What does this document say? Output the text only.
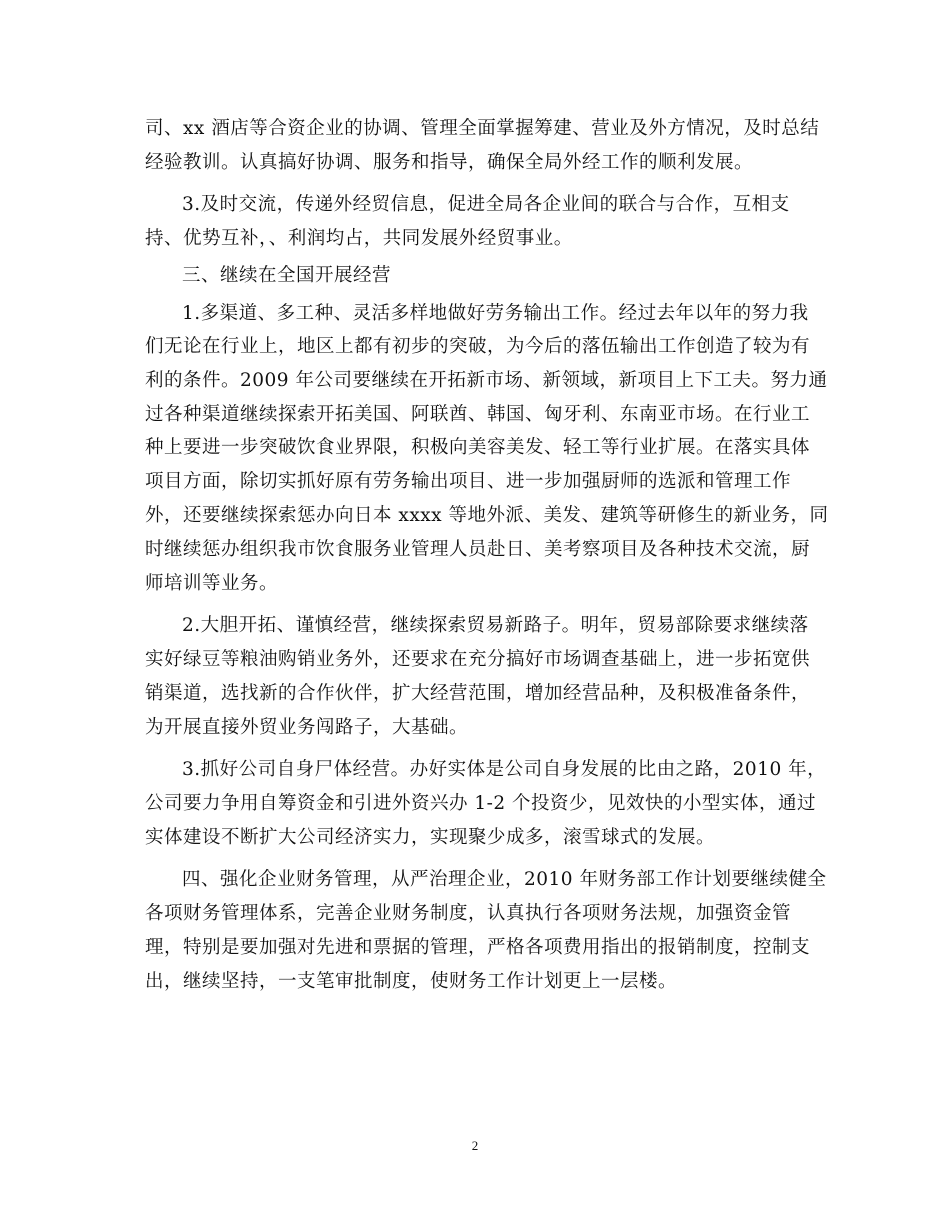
司、xx 酒店等合资企业的协调、管理全面掌握筹建、营业及外方情况，及时总结
经验教训。认真搞好协调、服务和指导，确保全局外经工作的顺利发展。
3.及时交流，传递外经贸信息，促进全局各企业间的联合与合作，互相支
持、优势互补，、利润均占，共同发展外经贸事业。
三、继续在全国开展经营
1.多渠道、多工种、灵活多样地做好劳务输出工作。经过去年以年的努力我
们无论在行业上，地区上都有初步的突破，为今后的落伍输出工作创造了较为有
利的条件。2009 年公司要继续在开拓新市场、新领域，新项目上下工夫。努力通
过各种渠道继续探索开拓美国、阿联酋、韩国、匈牙利、东南亚市场。在行业工
种上要进一步突破饮食业界限，积极向美容美发、轻工等行业扩展。在落实具体
项目方面，除切实抓好原有劳务输出项目、进一步加强厨师的选派和管理工作
外，还要继续探索惩办向日本 xxxx 等地外派、美发、建筑等研修生的新业务，同
时继续惩办组织我市饮食服务业管理人员赴日、美考察项目及各种技术交流，厨
师培训等业务。
2.大胆开拓、谨慎经营，继续探索贸易新路子。明年，贸易部除要求继续落
实好绿豆等粮油购销业务外，还要求在充分搞好市场调查基础上，进一步拓宽供
销渠道，选找新的合作伙伴，扩大经营范围，增加经营品种，及积极准备条件，
为开展直接外贸业务闯路子，大基础。
3.抓好公司自身尸体经营。办好实体是公司自身发展的比由之路，2010 年，
公司要力争用自筹资金和引进外资兴办 1-2 个投资少，见效快的小型实体，通过
实体建设不断扩大公司经济实力，实现聚少成多，滚雪球式的发展。
四、强化企业财务管理，从严治理企业，2010 年财务部工作计划要继续健全
各项财务管理体系，完善企业财务制度，认真执行各项财务法规，加强资金管
理，特别是要加强对先进和票据的管理，严格各项费用指出的报销制度，控制支
出，继续坚持，一支笔审批制度，使财务工作计划更上一层楼。
2
